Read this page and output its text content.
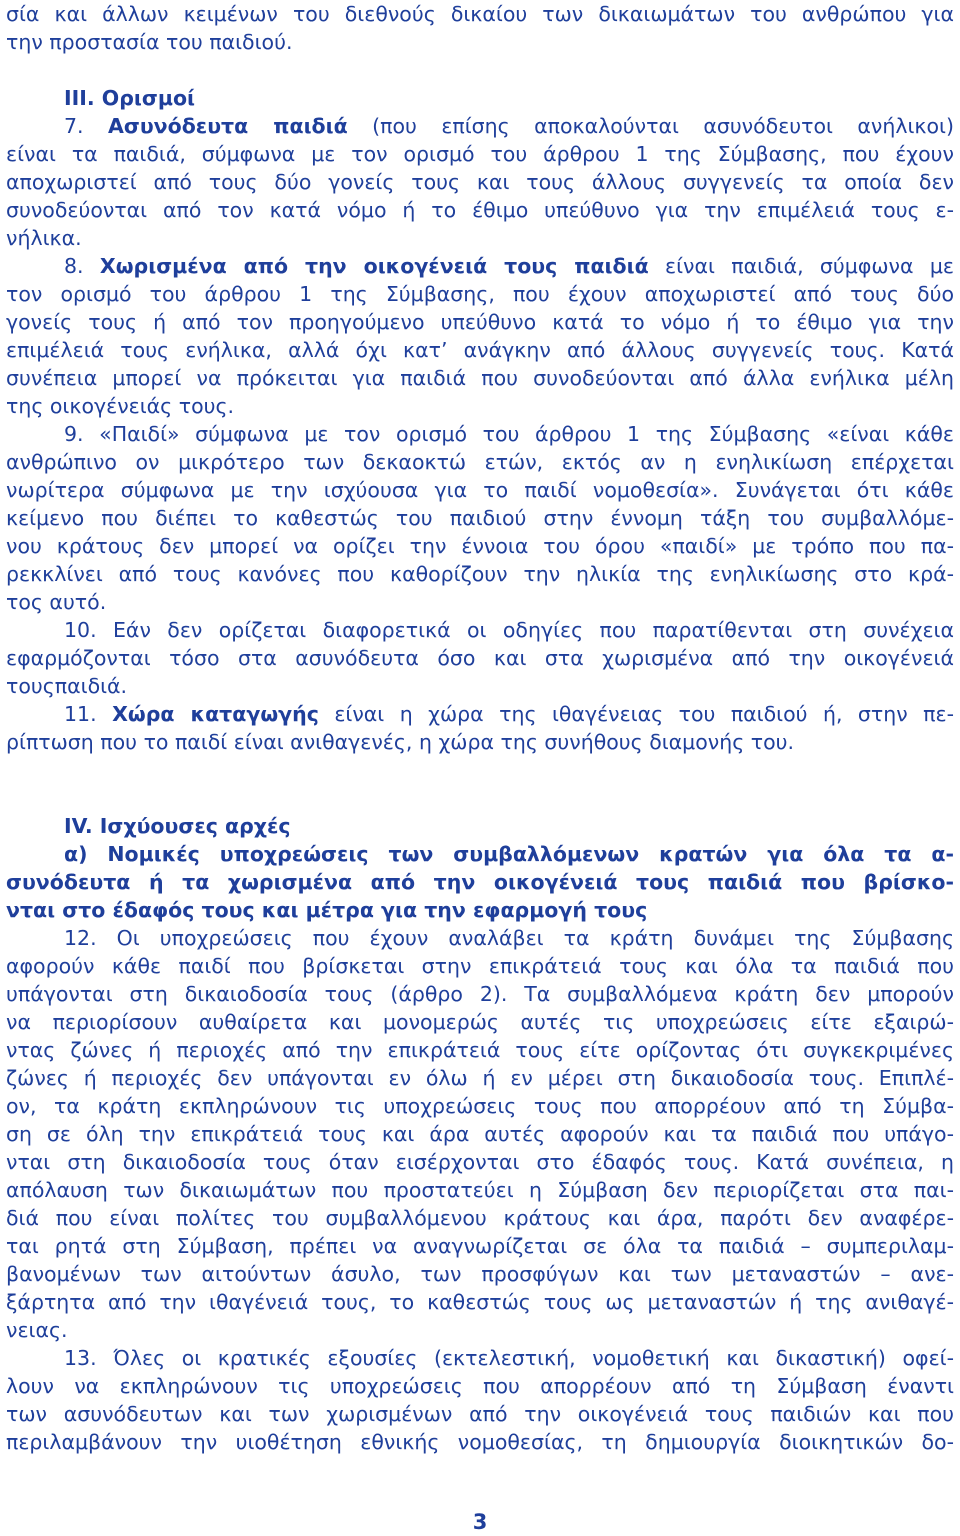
σία και άλλων κειμένων του διεθνούς δικαίου των δικαιωμάτων του ανθρώπου για
την προστασία του παιδιού.
III. Ορισμοί
7. Ασυνόδευτα παιδιά (που επίσης αποκαλούνται ασυνόδευτοι ανήλικοι)
είναι τα παιδιά, σύμφωνα με τον ορισμό του άρθρου 1 της Σύμβασης, που έχουν
αποχωριστεί από τους δύο γονείς τους και τους άλλους συγγενείς τα οποία δεν
συνοδεύονται από τον κατά νόμο ή το έθιμο υπεύθυνο για την επιμέλειά τους ε-
νήλικα.
8. Χωρισμένα από την οικογένειά τους παιδιά είναι παιδιά, σύμφωνα με
τον ορισμό του άρθρου 1 της Σύμβασης, που έχουν αποχωριστεί από τους δύο
γονείς τους ή από τον προηγούμενο υπεύθυνο κατά το νόμο ή το έθιμο για την
επιμέλειά τους ενήλικα, αλλά όχι κατ’ ανάγκην από άλλους συγγενείς τους. Κατά
συνέπεια μπορεί να πρόκειται για παιδιά που συνοδεύονται από άλλα ενήλικα μέλη
της οικογένειάς τους.
9. «Παιδί» σύμφωνα με τον ορισμό του άρθρου 1 της Σύμβασης «είναι κάθε
ανθρώπινο ον μικρότερο των δεκαοκτώ ετών, εκτός αν η ενηλικίωση επέρχεται
νωρίτερα σύμφωνα με την ισχύουσα για το παιδί νομοθεσία». Συνάγεται ότι κάθε
κείμενο που διέπει το καθεστώς του παιδιού στην έννομη τάξη του συμβαλλόμε-
νου κράτους δεν μπορεί να ορίζει την έννοια του όρου «παιδί» με τρόπο που πα-
ρεκκλίνει από τους κανόνες που καθορίζουν την ηλικία της ενηλικίωσης στο κρά-
τος αυτό.
10. Εάν δεν ορίζεται διαφορετικά οι οδηγίες που παρατίθενται στη συνέχεια
εφαρμόζονται τόσο στα ασυνόδευτα όσο και στα χωρισμένα από την οικογένειά
τουςπαιδιά.
11. Χώρα καταγωγής είναι η χώρα της ιθαγένειας του παιδιού ή, στην πε-
ρίπτωση που το παιδί είναι ανιθαγενές, η χώρα της συνήθους διαμονής του.
IV. Ισχύουσες αρχές
α) Νομικές υποχρεώσεις των συμβαλλόμενων κρατών για όλα τα α-
συνόδευτα ή τα χωρισμένα από την οικογένειά τους παιδιά που βρίσκο-
νται στο έδαφός τους και μέτρα για την εφαρμογή τους
12. Οι υποχρεώσεις που έχουν αναλάβει τα κράτη δυνάμει της Σύμβασης
αφορούν κάθε παιδί που βρίσκεται στην επικράτειά τους και όλα τα παιδιά που
υπάγονται στη δικαιοδοσία τους (άρθρο 2). Τα συμβαλλόμενα κράτη δεν μπορούν
να περιορίσουν αυθαίρετα και μονομερώς αυτές τις υποχρεώσεις είτε εξαιρώ-
ντας ζώνες ή περιοχές από την επικράτειά τους είτε ορίζοντας ότι συγκεκριμένες
ζώνες ή περιοχές δεν υπάγονται εν όλω ή εν μέρει στη δικαιοδοσία τους. Επιπλέ-
ον, τα κράτη εκπληρώνουν τις υποχρεώσεις τους που απορρέουν από τη Σύμβα-
ση σε όλη την επικράτειά τους και άρα αυτές αφορούν και τα παιδιά που υπάγο-
νται στη δικαιοδοσία τους όταν εισέρχονται στο έδαφός τους. Κατά συνέπεια, η
απόλαυση των δικαιωμάτων που προστατεύει η Σύμβαση δεν περιορίζεται στα παι-
διά που είναι πολίτες του συμβαλλόμενου κράτους και άρα, παρότι δεν αναφέρε-
ται ρητά στη Σύμβαση, πρέπει να αναγνωρίζεται σε όλα τα παιδιά – συμπεριλαμ-
βανομένων των αιτούντων άσυλο, των προσφύγων και των μεταναστών – ανε-
ξάρτητα από την ιθαγένειά τους, το καθεστώς τους ως μεταναστών ή της ανιθαγέ-
νειας.
13. Όλες οι κρατικές εξουσίες (εκτελεστική, νομοθετική και δικαστική) οφεί-
λουν να εκπληρώνουν τις υποχρεώσεις που απορρέουν από τη Σύμβαση έναντι
των ασυνόδευτων και των χωρισμένων από την οικογένειά τους παιδιών και που
περιλαμβάνουν την υιοθέτηση εθνικής νομοθεσίας, τη δημιουργία διοικητικών δο-
3
